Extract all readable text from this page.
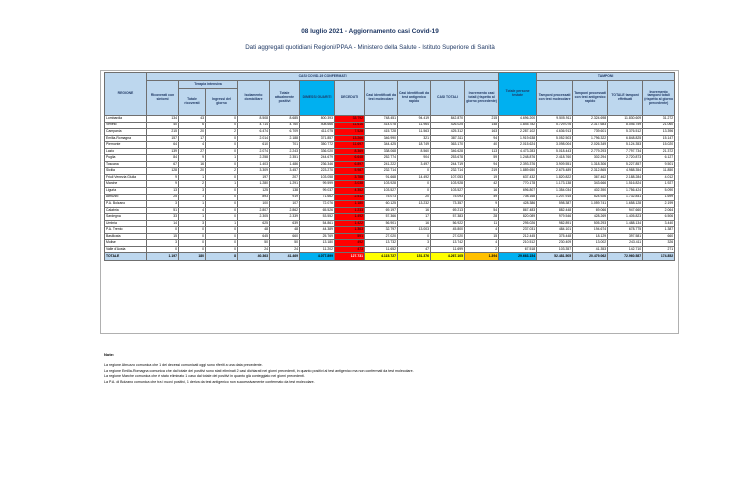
08 luglio 2021 - Aggiornamento casi Covid-19
Dati aggregati quotidiani Regioni/PPAA - Ministero della Salute - Istituto Superiore di Sanità
REGIONE	CASI COVID-19 CONFERMATI											Totale persone testate	TAMPONI			
	Ricoverati con sintomi	Terapia intensiva		Isolamento domiciliare	Totale attualmente positivi	DIMESSI GUARITI	DECEDUTI	Casi identificati da test molecolare	Casi identificati da test antigenico rapido	CASI TOTALI	Incremento casi totali (rispetto al giorno precedente)		Tamponi processati con test molecolare	Tamponi processati con test antigenico rapido	TOTALE tamponi effettuati	Incremento tamponi totali (rispetto al giorno precedente)
		Totale ricoverati	Ingressi del giorno													
Lombardia	134	43	0	8.508	8.685	800.393	33.792	748.451	94.419	842.870	215	4.696.200	9.505.911	2.324.698	11.830.609	31.272
Veneto	40	6	0	4.714	4.760	408.666	11.616	414.078	11.964	426.025	148	1.845.782	5.729.076	2.317.683	8.046.759	21.060
Campania	215	20	2	6.474	6.709	411.075	7.528	415.728	11.563	425.312	163	2.287.102	4.636.913	739.601	5.376.512	13.396
Emilia-Romagna	157	17	0	2.014	2.188	371.857	13.266	346.990	321	387.311	94	1.919.638	5.052.503	1.796.322	6.848.825	15.147
Piemonte	64	4	0	610	701	350.772	11.697	344.425	18.749	363.170	40	2.015.624	3.098.004	2.026.349	5.124.353	15.020
Lazio	139	27	0	2.074	2.243	336.020	8.369	338.068	8.560	346.628	113	4.473.283	5.018.443	2.779.293	7.797.734	21.372
Puglia	84	9	1	2.258	2.351	244.679	6.648	252.774	904	253.678	59	1.248.876	2.418.760	302.294	2.720.873	6.127
Toscana	67	16	0	1.403	1.486	236.346	6.897	241.222	3.497	244.719	94	2.393.376	3.909.551	1.318.306	5.227.857	9.501
Sicilia	128	20	2	3.309	3.457	223.270	5.987	232.714	0	232.714	219	1.889.650	2.675.489	2.312.865	4.988.354	11.850
Friuli Venezia Giulia	9	1	0	197	207	103.058	3.788	91.668	14.492	107.053	19	637.432	1.820.822	367.462	2.188.284	4.012
Marche	9	2	1	1.280	1.291	99.599	3.038	103.928	0	103.928	42	770.178	1.173.138	343.666	1.516.824	1.927
Liguria	13	3	0	125	138	99.037	4.352	103.527	0	103.527	16	696.807	1.354.034	402.390	1.756.424	5.090
Abruzzo	25	1	0	893	919	71.662	2.512	75.073	20	75.093	49	708.168	1.207.915	524.926	1.732.841	1.699
P.A. Bolzano	3	1	0	100	107	72.076	1.180	60.125	13.232	73.357	9	428.386	598.387	1.059.741	1.658.128	2.199
Calabria	51	4	0	2.807	2.862	65.526	1.233	69.197	16	69.213	54	867.483	882.448	69.066	947.660	2.064
Sardegna	33	1	0	2.305	2.339	53.552	1.492	57.366	17	57.383	28	820.089	979.546	428.269	1.405.823	6.506
Umbria	14	3	1	625	639	54.861	1.422	56.901	16	56.922	11	295.026	982.891	505.293	1.488.134	3.440
P.A. Trento	0	0	0	48	48	44.389	1.363	32.797	13.003	45.800	4	237.031	484.101	194.674	678.775	1.387
Basilicata	15	0	0	645	660	25.769	591	27.020	0	27.020	15	212.445	375.448	18.129	397.581	660
Molise	3	0	0	50	50	13.180	492	13.732	3	13.742	4	210.512	230.409	13.002	243.411	326
Valle d'Aosta	0	0	0	24	24	11.202	473	11.652	47	11.699	2	67.518	103.357	41.353	142.710	271
TOTALE	1.197	180	8	40.363	41.469	4.077.899	127.731	4.115.727	151.376	4.267.105	1.394	29.663.154	52.481.505	20.479.062	72.960.587	174.852
Note:
La regione Abruzzo comunica che 1 dei decessi comunicati oggi sono riferiti a una data precedente.
La regione Emilia-Romagna comunica che dal totale dei positivi sono stati eliminati 2 casi dichiarati nei giorni precedenti, in quanto positivi al test antigenico ma non confermati da test molecolare.
La regione Marche comunica che è stato eliminato 1 caso dal totale dei positivi in quanto già conteggiato nei giorni precedenti.
La P.A. di Bolzano comunica che tra i nuovi positivi, 1 deriva da test antigenico non successivamente confermato da test molecolare.
